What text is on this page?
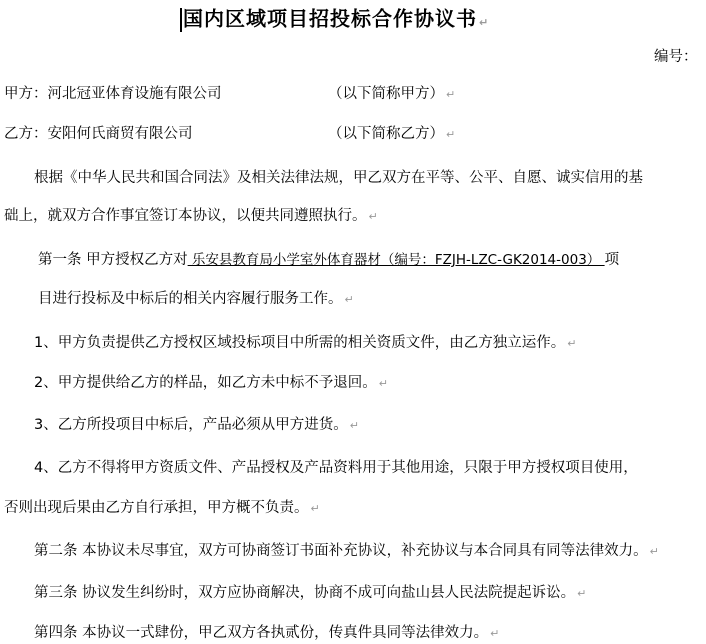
国内区域项目招投标合作协议书 ↵
编号：
甲方：河北冠亚体育设施有限公司	（以下简称甲方） ↵
乙方：安阳何氏商贸有限公司	（以下简称乙方） ↵
根据《中华人民共和国合同法》及相关法律法规，甲乙双方在平等、公平、自愿、诚实信用的基
础上，就双方合作事宜签订本协议，以便共同遵照执行。 ↵
第一条 甲方授权乙方对 乐安县教育局小学室外体育器材（编号：FZJH-LZC-GK2014-003） 项
目进行投标及中标后的相关内容履行服务工作。 ↵
1、甲方负责提供乙方授权区域投标项目中所需的相关资质文件，由乙方独立运作。 ↵
2、甲方提供给乙方的样品，如乙方未中标不予退回。 ↵
3、乙方所投项目中标后，产品必须从甲方进货。 ↵
4、乙方不得将甲方资质文件、产品授权及产品资料用于其他用途，只限于甲方授权项目使用，
否则出现后果由乙方自行承担，甲方概不负责。 ↵
第二条 本协议未尽事宜，双方可协商签订书面补充协议，补充协议与本合同具有同等法律效力。 ↵
第三条 协议发生纠纷时，双方应协商解决，协商不成可向盐山县人民法院提起诉讼。 ↵
第四条 本协议一式肆份，甲乙双方各执贰份，传真件具同等法律效力。 ↵
